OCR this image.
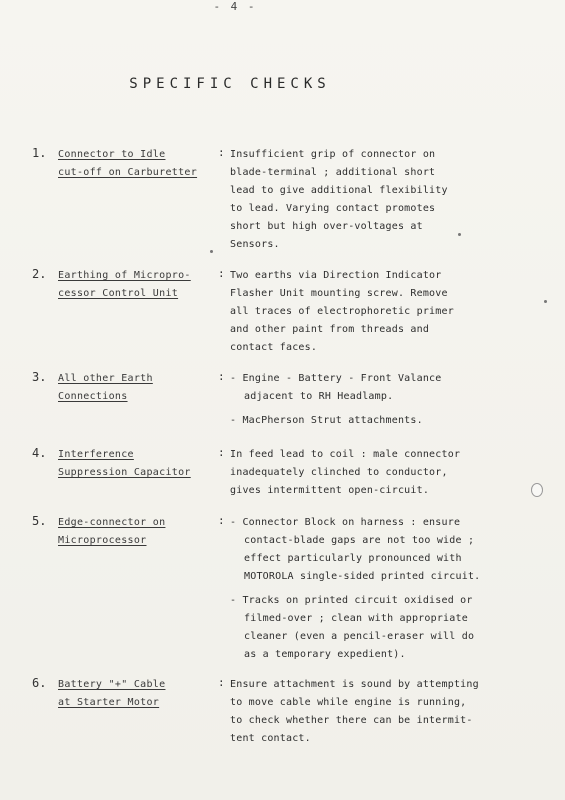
- 4 -
SPECIFIC CHECKS
1. Connector to Idle
cut-off on Carburetter
: Insufficient grip of connector on
blade-terminal ; additional short
lead to give additional flexibility
to lead. Varying contact promotes
short but high over-voltages at
Sensors.
2. Earthing of Micropro-
cessor Control Unit
: Two earths via Direction Indicator
Flasher Unit mounting screw. Remove
all traces of electrophoretic primer
and other paint from threads and
contact faces.
3. All other Earth
Connections
: - Engine - Battery - Front Valance
adjacent to RH Headlamp.
- MacPherson Strut attachments.
4. Interference
Suppression Capacitor
: In feed lead to coil : male connector
inadequately clinched to conductor,
gives intermittent open-circuit.
5. Edge-connector on
Microprocessor
: - Connector Block on harness : ensure
contact-blade gaps are not too wide ;
effect particularly pronounced with
MOTOROLA single-sided printed circuit.
- Tracks on printed circuit oxidised or
filmed-over ; clean with appropriate
cleaner (even a pencil-eraser will do
as a temporary expedient).
6. Battery "+" Cable
at Starter Motor
: Ensure attachment is sound by attempting
to move cable while engine is running,
to check whether there can be intermit-
tent contact.
